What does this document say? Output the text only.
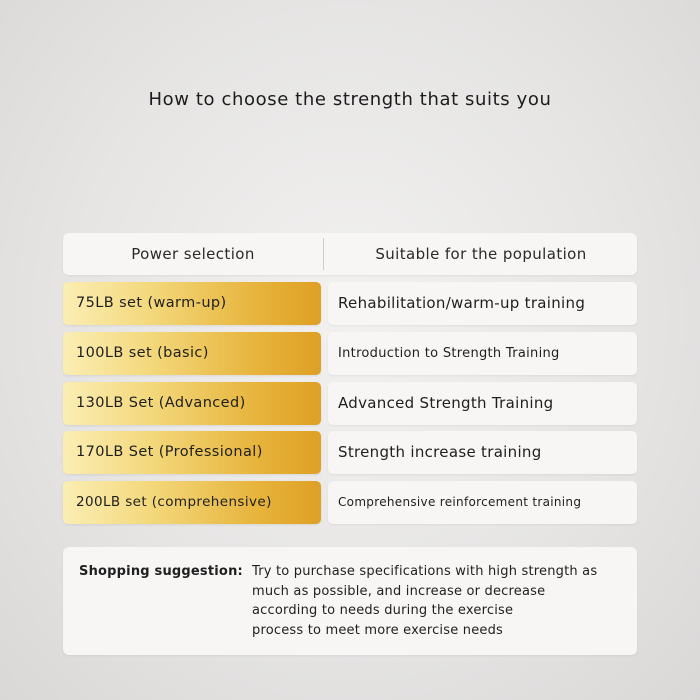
How to choose the strength that suits you
Power selection	Suitable for the population
75LB set (warm-up)	Rehabilitation/warm-up training
100LB set (basic)	Introduction to Strength Training
130LB Set (Advanced)	Advanced Strength Training
170LB Set (Professional)	Strength increase training
200LB set (comprehensive)	Comprehensive reinforcement training
Shopping suggestion: Try to purchase specifications with high strength as
much as possible, and increase or decrease
according to needs during the exercise
process to meet more exercise needs
